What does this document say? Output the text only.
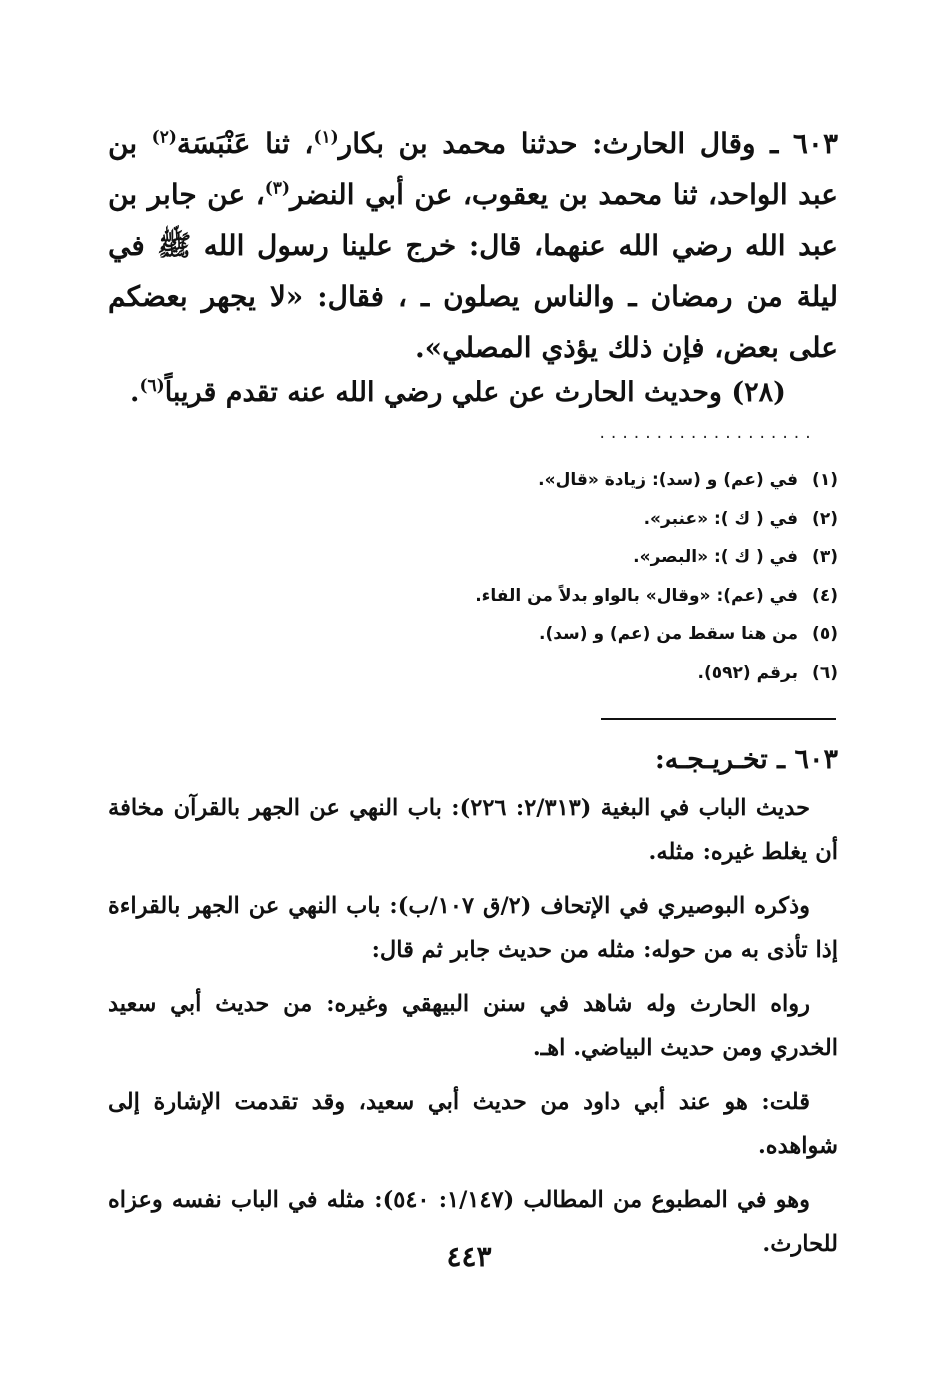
٦٠٣ ـ وقال الحارث: حدثنا محمد بن بكار$^{(١)}$، ثنا عَنْبَسَة$^{(٢)}$ بن عبد الواحد، ثنا محمد بن يعقوب، عن أبي النضر$^{(٣)}$، عن جابر بن عبد الله رضي الله عنهما، قال: خرج علينا رسول الله ﷺ في ليلة من رمضان ـ والناس يصلون ـ ، فقال: «لا يجهر بعضكم على بعض، فإن ذلك يؤذي المصلي».
(٢٨) وحديث الحارث عن علي رضي الله عنه تقدم قريباً$^{(٦)}$.
...................
(١)
في (عم) و (سد): زيادة «قال».
(٢)
في ( ك ): «عنبر».
(٣)
في ( ك ): «البصر».
(٤)
في (عم): «وقال» بالواو بدلاً من الفاء.
(٥)
من هنا سقط من (عم) و (سد).
(٦)
برقم (٥٩٢).
٦٠٣ ـ تخـريـجـه:

حديث الباب في البغية (٢/٣١٣: ٢٢٦): باب النهي عن الجهر بالقرآن مخافة أن يغلط غيره: مثله.

وذكره البوصيري في الإتحاف (٢/ق ١٠٧/ب): باب النهي عن الجهر بالقراءة إذا تأذى به من حوله: مثله من حديث جابر ثم قال:

رواه الحارث وله شاهد في سنن البيهقي وغيره: من حديث أبي سعيد الخدري ومن حديث البياضي. اهـ.

قلت: هو عند أبي داود من حديث أبي سعيد، وقد تقدمت الإشارة إلى شواهده.

وهو في المطبوع من المطالب (١/١٤٧: ٥٤٠): مثله في الباب نفسه وعزاه للحارث.

٤٤٣
